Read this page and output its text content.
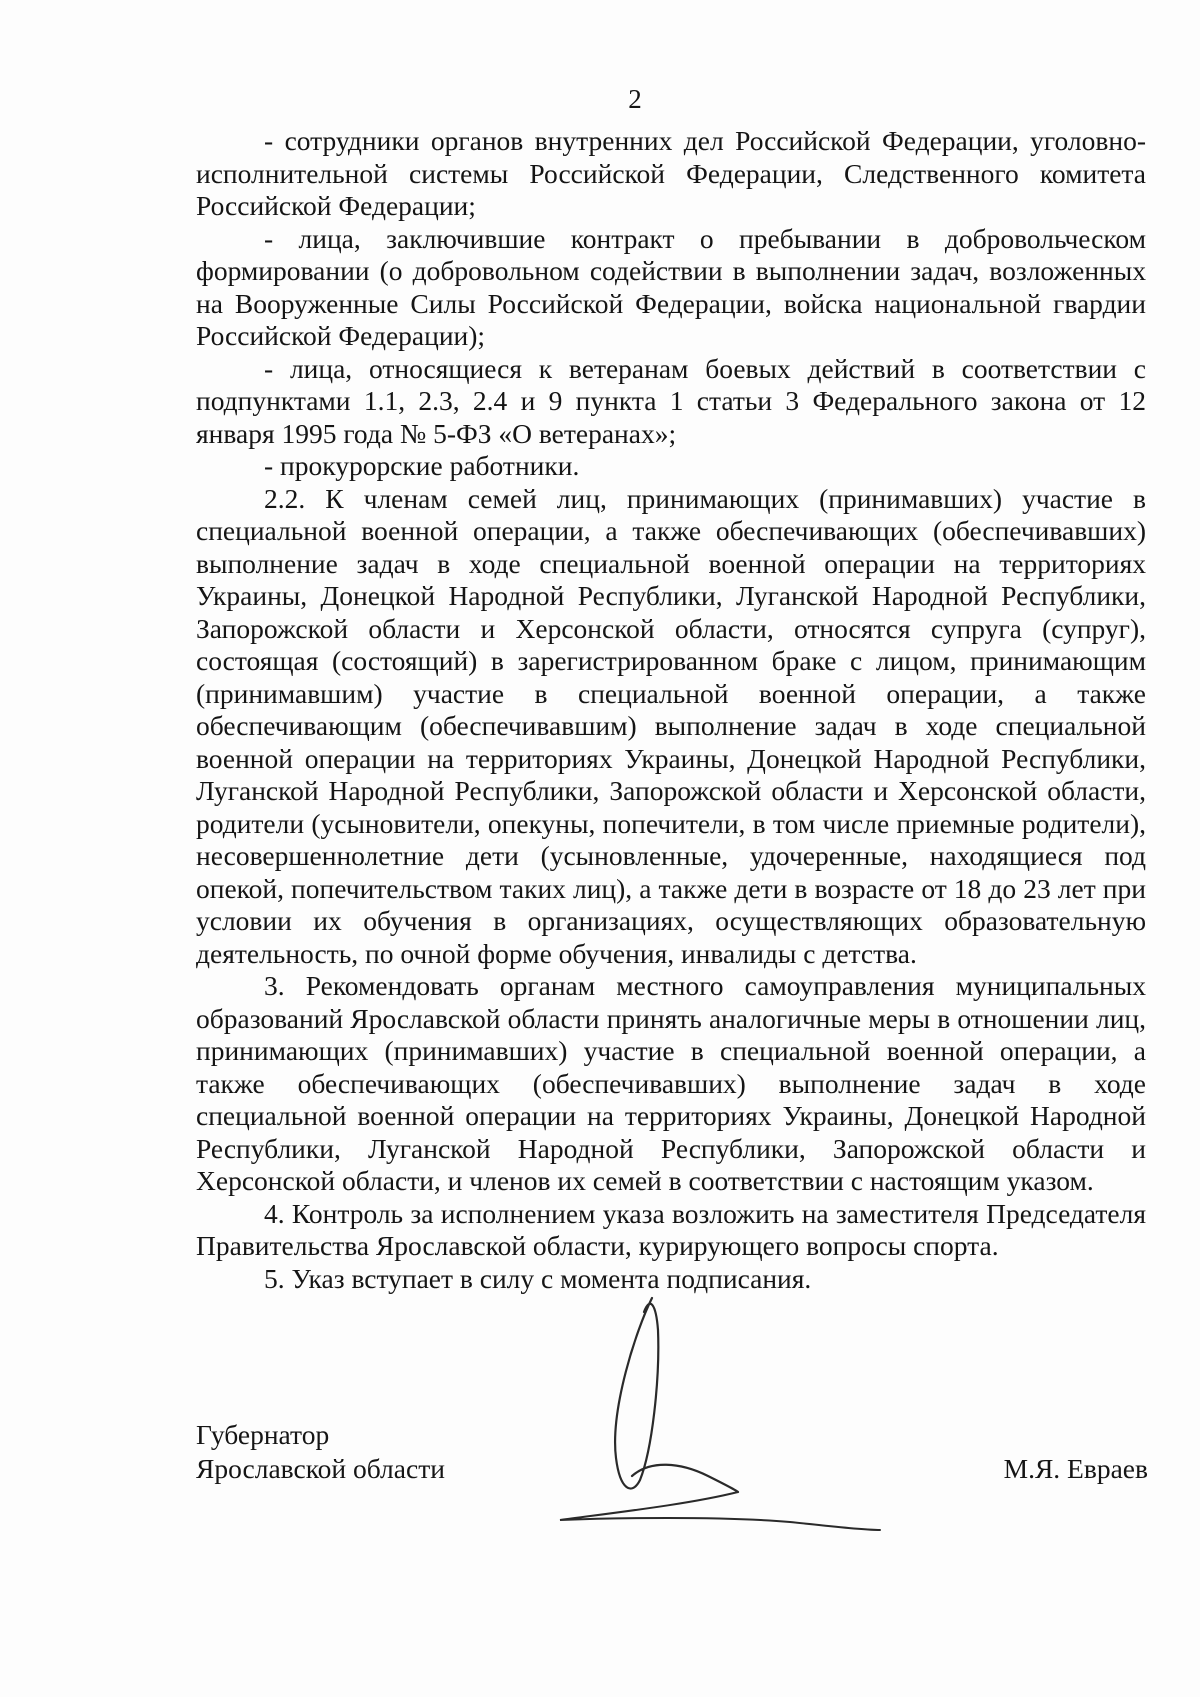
2

- сотрудники органов внутренних дел Российской Федерации, уголовно-исполнительной системы Российской Федерации, Следственного комитета Российской Федерации;

- лица, заключившие контракт о пребывании в добровольческом формировании (о добровольном содействии в выполнении задач, возложенных на Вооруженные Силы Российской Федерации, войска национальной гвардии Российской Федерации);

- лица, относящиеся к ветеранам боевых действий в соответствии с подпунктами 1.1, 2.3, 2.4 и 9 пункта 1 статьи 3 Федерального закона от 12 января 1995 года № 5-ФЗ «О ветеранах»;

- прокурорские работники.

2.2. К членам семей лиц, принимающих (принимавших) участие в специальной военной операции, а также обеспечивающих (обеспечивавших) выполнение задач в ходе специальной военной операции на территориях Украины, Донецкой Народной Республики, Луганской Народной Республики, Запорожской области и Херсонской области, относятся супруга (супруг), состоящая (состоящий) в зарегистрированном браке с лицом, принимающим (принимавшим) участие в специальной военной операции, а также обеспечивающим (обеспечивавшим) выполнение задач в ходе специальной военной операции на территориях Украины, Донецкой Народной Республики, Луганской Народной Республики, Запорожской области и Херсонской области, родители (усыновители, опекуны, попечители, в том числе приемные родители), несовершеннолетние дети (усыновленные, удочеренные, находящиеся под опекой, попечительством таких лиц), а также дети в возрасте от 18 до 23 лет при условии их обучения в организациях, осуществляющих образовательную деятельность, по очной форме обучения, инвалиды с детства.

3. Рекомендовать органам местного самоуправления муниципальных образований Ярославской области принять аналогичные меры в отношении лиц, принимающих (принимавших) участие в специальной военной операции, а также обеспечивающих (обеспечивавших) выполнение задач в ходе специальной военной операции на территориях Украины, Донецкой Народной Республики, Луганской Народной Республики, Запорожской области и Херсонской области, и членов их семей в соответствии с настоящим указом.

4. Контроль за исполнением указа возложить на заместителя Председателя Правительства Ярославской области, курирующего вопросы спорта.

5. Указ вступает в силу с момента подписания.

Губернатор
Ярославской области	М.Я. Евраев
